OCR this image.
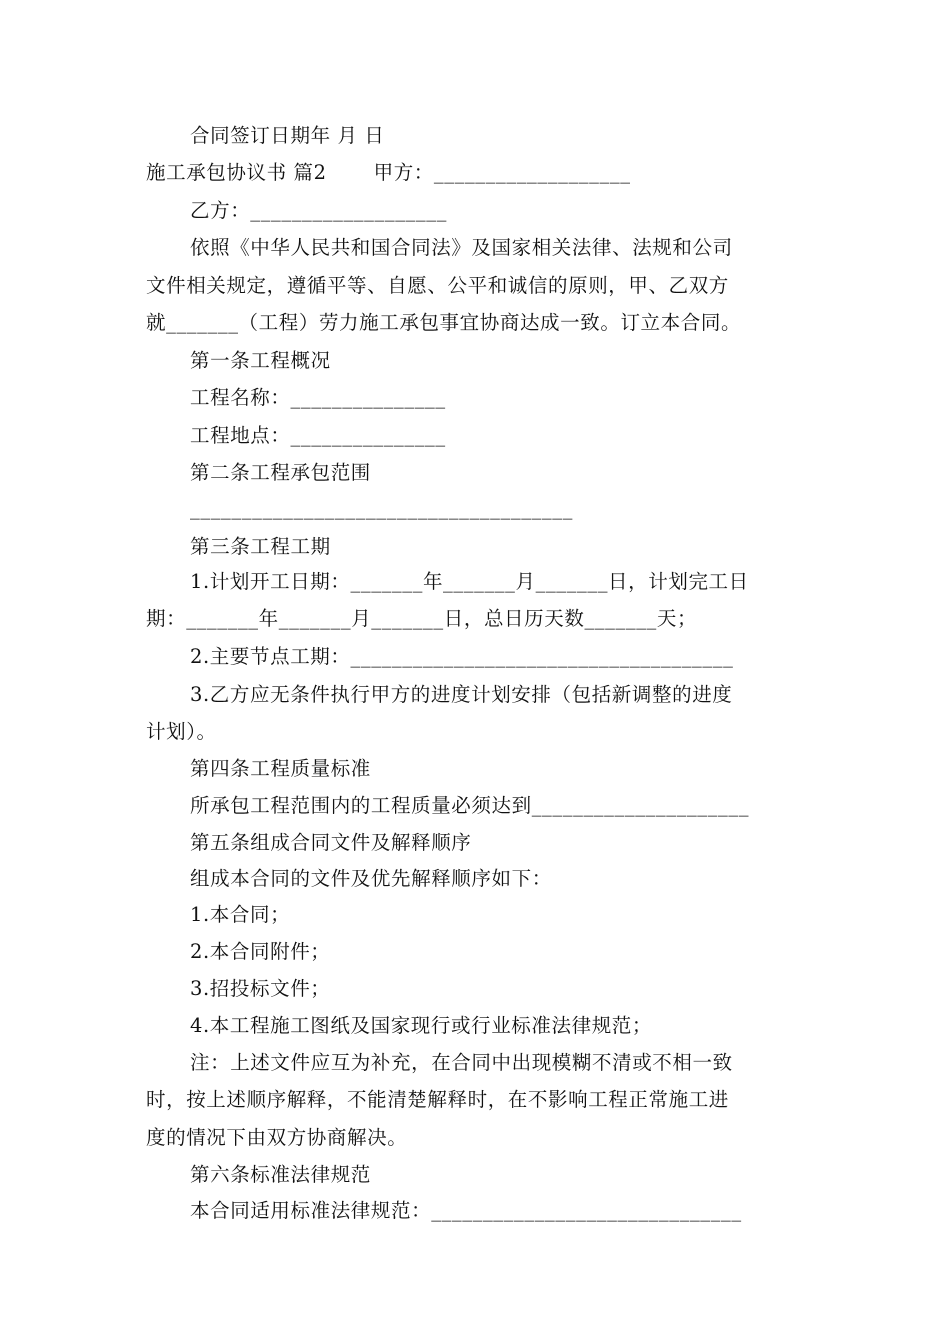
合同签订日期年 月 日
施工承包协议书 篇2　　 甲方：___________________
乙方：___________________
依照《中华人民共和国合同法》及国家相关法律、法规和公司
文件相关规定，遵循平等、自愿、公平和诚信的原则，甲、乙双方
就_______（工程）劳力施工承包事宜协商达成一致。订立本合同。
第一条工程概况
工程名称：_______________
工程地点：_______________
第二条工程承包范围
_____________________________________
第三条工程工期
1.计划开工日期：_______年_______月_______日，计划完工日
期：_______年_______月_______日，总日历天数_______天；
2.主要节点工期：_____________________________________
3.乙方应无条件执行甲方的进度计划安排（包括新调整的进度
计划）。
第四条工程质量标准
所承包工程范围内的工程质量必须达到_____________________
第五条组成合同文件及解释顺序
组成本合同的文件及优先解释顺序如下：
1.本合同；
2.本合同附件；
3.招投标文件；
4.本工程施工图纸及国家现行或行业标准法律规范；
注：上述文件应互为补充，在合同中出现模糊不清或不相一致
时，按上述顺序解释，不能清楚解释时，在不影响工程正常施工进
度的情况下由双方协商解决。
第六条标准法律规范
本合同适用标准法律规范：______________________________
